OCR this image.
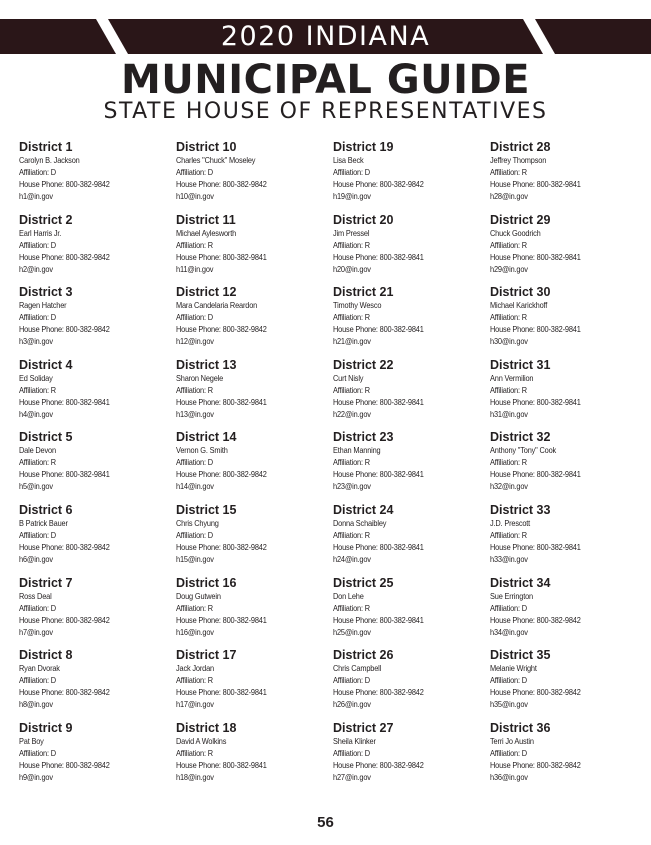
2020 INDIANA
MUNICIPAL GUIDE
STATE HOUSE OF REPRESENTATIVES
District 1
Carolyn B. Jackson
Affiliation: D
House Phone: 800-382-9842
h1@in.gov
District 2
Earl Harris Jr.
Affiliation: D
House Phone: 800-382-9842
h2@in.gov
District 3
Ragen Hatcher
Affiliation: D
House Phone: 800-382-9842
h3@in.gov
District 4
Ed Soliday
Affiliation: R
House Phone: 800-382-9841
h4@in.gov
District 5
Dale Devon
Affiliation: R
House Phone: 800-382-9841
h5@in.gov
District 6
B Patrick Bauer
Affiliation: D
House Phone: 800-382-9842
h6@in.gov
District 7
Ross Deal
Affiliation: D
House Phone: 800-382-9842
h7@in.gov
District 8
Ryan Dvorak
Affiliation: D
House Phone: 800-382-9842
h8@in.gov
District 9
Pat Boy
Affiliation: D
House Phone: 800-382-9842
h9@in.gov
District 10
Charles "Chuck" Moseley
Affiliation: D
House Phone: 800-382-9842
h10@in.gov
District 11
Michael Aylesworth
Affiliation: R
House Phone: 800-382-9841
h11@in.gov
District 12
Mara Candelaria Reardon
Affiliation: D
House Phone: 800-382-9842
h12@in.gov
District 13
Sharon Negele
Affiliation: R
House Phone: 800-382-9841
h13@in.gov
District 14
Vernon G. Smith
Affiliation: D
House Phone: 800-382-9842
h14@in.gov
District 15
Chris Chyung
Affiliation: D
House Phone: 800-382-9842
h15@in.gov
District 16
Doug Gutwein
Affiliation: R
House Phone: 800-382-9841
h16@in.gov
District 17
Jack Jordan
Affiliation: R
House Phone: 800-382-9841
h17@in.gov
District 18
David A Wolkins
Affiliation: R
House Phone: 800-382-9841
h18@in.gov
District 19
Lisa Beck
Affiliation: D
House Phone: 800-382-9842
h19@in.gov
District 20
Jim Pressel
Affiliation: R
House Phone: 800-382-9841
h20@in.gov
District 21
Timothy Wesco
Affiliation: R
House Phone: 800-382-9841
h21@in.gov
District 22
Curt Nisly
Affiliation: R
House Phone: 800-382-9841
h22@in.gov
District 23
Ethan Manning
Affiliation: R
House Phone: 800-382-9841
h23@in.gov
District 24
Donna Schaibley
Affiliation: R
House Phone: 800-382-9841
h24@in.gov
District 25
Don Lehe
Affiliation: R
House Phone: 800-382-9841
h25@in.gov
District 26
Chris Campbell
Affiliation: D
House Phone: 800-382-9842
h26@in.gov
District 27
Sheila Klinker
Affiliation: D
House Phone: 800-382-9842
h27@in.gov
District 28
Jeffrey Thompson
Affiliation: R
House Phone: 800-382-9841
h28@in.gov
District 29
Chuck Goodrich
Affiliation: R
House Phone: 800-382-9841
h29@in.gov
District 30
Michael Karickhoff
Affiliation: R
House Phone: 800-382-9841
h30@in.gov
District 31
Ann Vermilion
Affiliation: R
House Phone: 800-382-9841
h31@in.gov
District 32
Anthony "Tony" Cook
Affiliation: R
House Phone: 800-382-9841
h32@in.gov
District 33
J.D. Prescott
Affiliation: R
House Phone: 800-382-9841
h33@in.gov
District 34
Sue Errington
Affiliation: D
House Phone: 800-382-9842
h34@in.gov
District 35
Melanie Wright
Affiliation: D
House Phone: 800-382-9842
h35@in.gov
District 36
Terri Jo Austin
Affiliation: D
House Phone: 800-382-9842
h36@in.gov
56
